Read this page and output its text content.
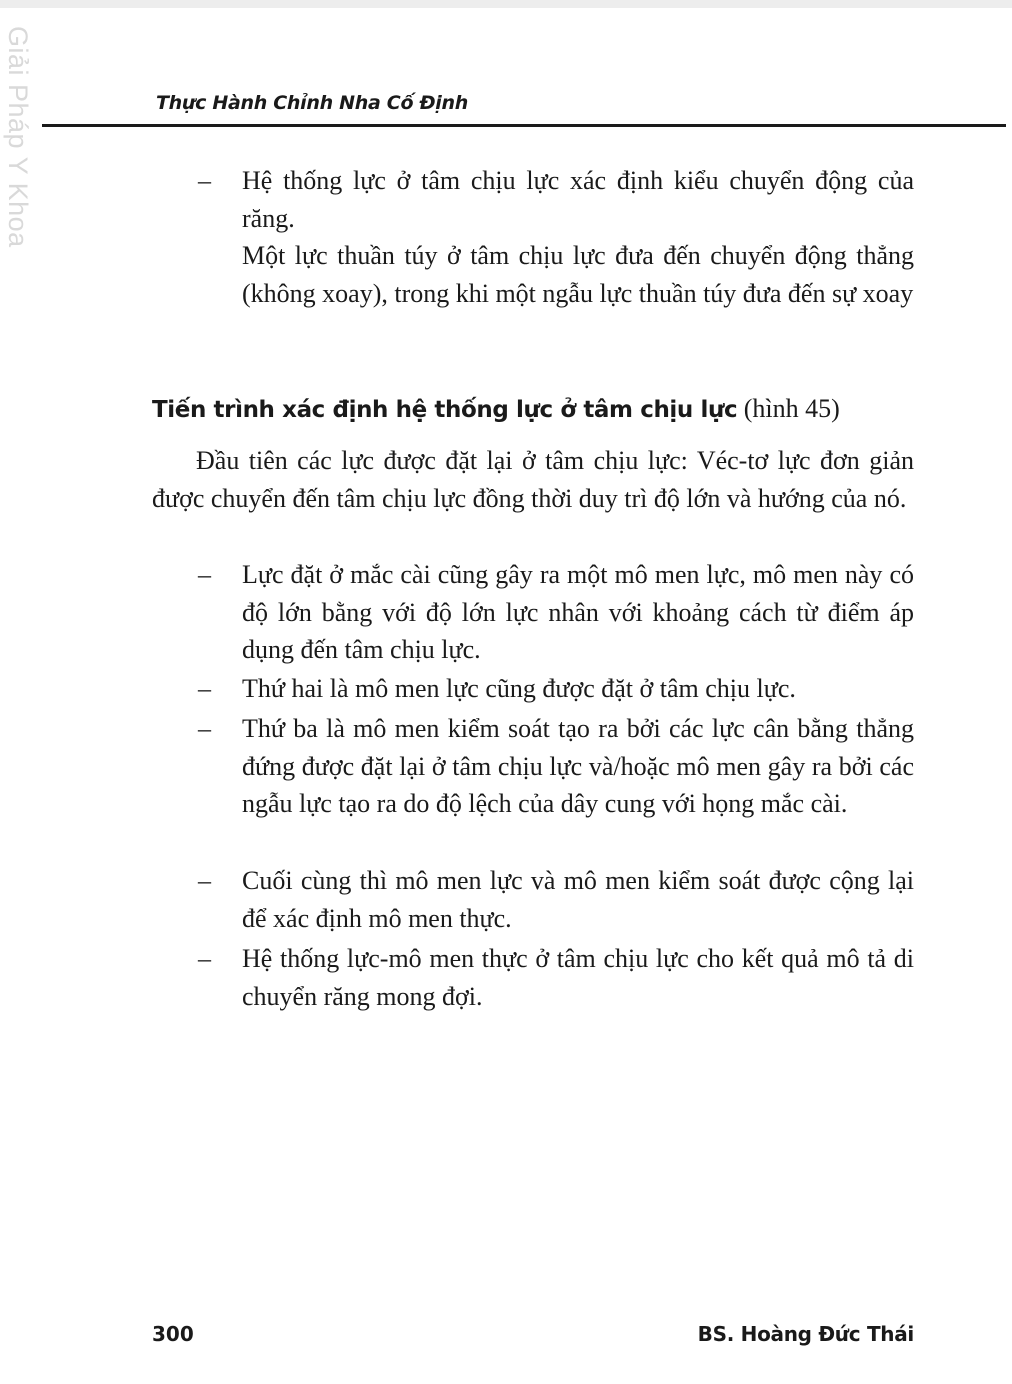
Giải Pháp Y Khoa	Thực Hành Chỉnh Nha Cố Định
– Hệ thống lực ở tâm chịu lực xác định kiểu chuyển động của răng.
Một lực thuần túy ở tâm chịu lực đưa đến chuyển động thẳng (không xoay), trong khi một ngẫu lực thuần túy đưa đến sự xoay
Tiến trình xác định hệ thống lực ở tâm chịu lực (hình 45)
Đầu tiên các lực được đặt lại ở tâm chịu lực: Véc-tơ lực đơn giản được chuyển đến tâm chịu lực đồng thời duy trì độ lớn và hướng của nó.
– Lực đặt ở mắc cài cũng gây ra một mô men lực, mô men này có độ lớn bằng với độ lớn lực nhân với khoảng cách từ điểm áp dụng đến tâm chịu lực.
– Thứ hai là mô men lực cũng được đặt ở tâm chịu lực.
– Thứ ba là mô men kiểm soát tạo ra bởi các lực cân bằng thẳng đứng được đặt lại ở tâm chịu lực và/hoặc mô men gây ra bởi các ngẫu lực tạo ra do độ lệch của dây cung với họng mắc cài.
– Cuối cùng thì mô men lực và mô men kiểm soát được cộng lại để xác định mô men thực.
– Hệ thống lực-mô men thực ở tâm chịu lực cho kết quả mô tả di chuyển răng mong đợi.
300	BS. Hoàng Đức Thái
